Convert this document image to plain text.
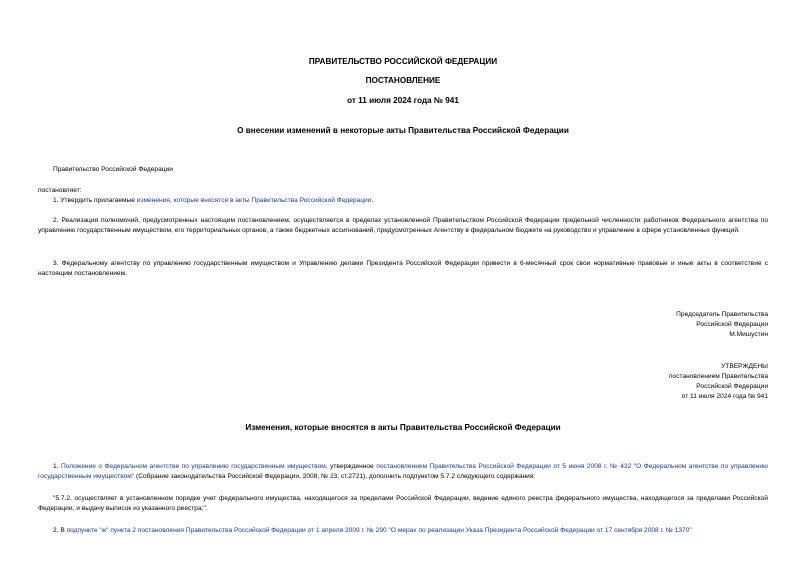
ПРАВИТЕЛЬСТВО РОССИЙСКОЙ ФЕДЕРАЦИИ
ПОСТАНОВЛЕНИЕ
от 11 июля 2024 года № 941
О внесении изменений в некоторые акты Правительства Российской Федерации
Правительство Российской Федерации
постановляет:
1. Утвердить прилагаемые изменения, которые вносятся в акты Правительства Российской Федерации.
2. Реализация полномочий, предусмотренных настоящим постановлением, осуществляется в пределах установленной Правительством Российской Федерации предельной численности работников Федерального агентства по управлению государственным имуществом, его территориальных органов, а также бюджетных ассигнований, предусмотренных Агентству в федеральном бюджете на руководство и управление в сфере установленных функций.
3. Федеральному агентству по управлению государственным имуществом и Управлению делами Президента Российской Федерации привести в 6-месячный срок свои нормативные правовые и иные акты в соответствие с настоящим постановлением.
Председатель Правительства
Российской Федерации
М.Мишустин
УТВЕРЖДЕНЫ
постановлением Правительства
Российской Федерации
от 11 июля 2024 года № 941
Изменения, которые вносятся в акты Правительства Российской Федерации
1. Положение о Федеральном агентстве по управлению государственным имуществом, утвержденное постановлением Правительства Российской Федерации от 5 июня 2008 г. № 432 "О Федеральном агентстве по управлению государственным имуществом" (Собрание законодательства Российской Федерации, 2008, № 23, ст.2721), дополнить подпунктом 5.7.2 следующего содержания:
"5.7.2. осуществляет в установленном порядке учет федерального имущества, находящегося за пределами Российской Федерации, ведение единого реестра федерального имущества, находящегося за пределами Российской Федерации, и выдачу выписок из указанного реестра;".
2. В подпункте "ж" пункта 2 постановления Правительства Российской Федерации от 1 апреля 2009 г. № 290 "О мерах по реализации Указа Президента Российской Федерации от 17 сентября 2008 г. № 1370"
